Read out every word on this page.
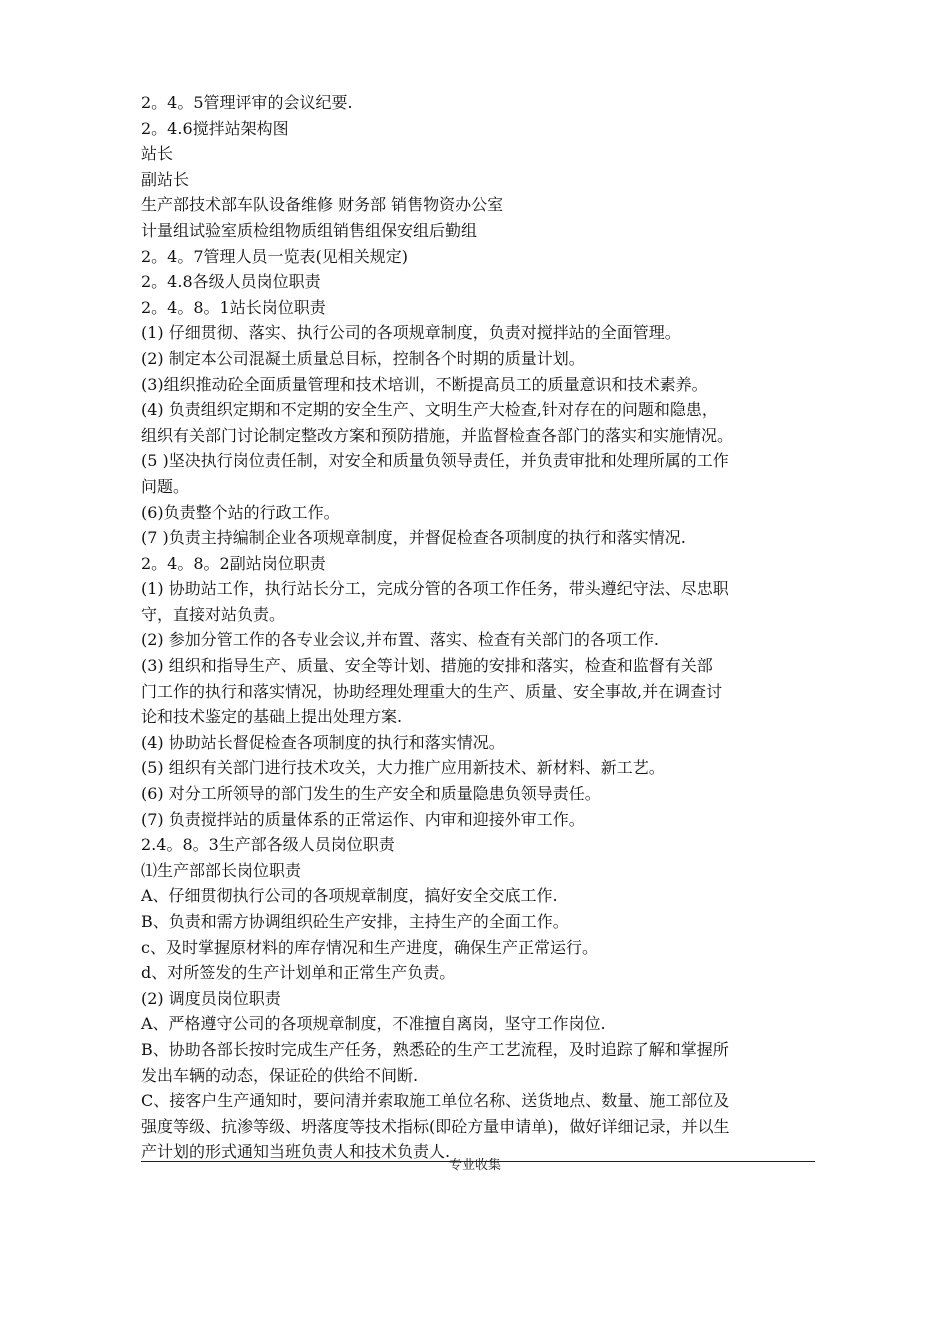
2。4。5管理评审的会议纪要.
2。4.6搅拌站架构图
站长
副站长
生产部技术部车队设备维修 财务部 销售物资办公室
计量组试验室质检组物质组销售组保安组后勤组
2。4。7管理人员一览表(见相关规定)
2。4.8各级人员岗位职责
2。4。8。1站长岗位职责
(1) 仔细贯彻、落实、执行公司的各项规章制度，负责对搅拌站的全面管理。
(2) 制定本公司混凝土质量总目标，控制各个时期的质量计划。
(3)组织推动砼全面质量管理和技术培训，不断提高员工的质量意识和技术素养。
(4) 负责组织定期和不定期的安全生产、文明生产大检查,针对存在的问题和隐患，
组织有关部门讨论制定整改方案和预防措施，并监督检查各部门的落实和实施情况。
(5 )坚决执行岗位责任制，对安全和质量负领导责任，并负责审批和处理所属的工作
问题。
(6)负责整个站的行政工作。
(7 )负责主持编制企业各项规章制度，并督促检查各项制度的执行和落实情况.
2。4。8。2副站岗位职责
(1) 协助站工作，执行站长分工，完成分管的各项工作任务，带头遵纪守法、尽忠职
守，直接对站负责。
(2) 参加分管工作的各专业会议,并布置、落实、检查有关部门的各项工作.
(3) 组织和指导生产、质量、安全等计划、措施的安排和落实，检查和监督有关部
门工作的执行和落实情况，协助经理处理重大的生产、质量、安全事故,并在调查讨
论和技术鉴定的基础上提出处理方案.
(4) 协助站长督促检查各项制度的执行和落实情况。
(5) 组织有关部门进行技术攻关，大力推广应用新技术、新材料、新工艺。
(6) 对分工所领导的部门发生的生产安全和质量隐患负领导责任。
(7) 负责搅拌站的质量体系的正常运作、内审和迎接外审工作。
2.4。8。3生产部各级人员岗位职责
⑴生产部部长岗位职责
A、仔细贯彻执行公司的各项规章制度，搞好安全交底工作.
B、负责和需方协调组织砼生产安排，主持生产的全面工作。
c、及时掌握原材料的库存情况和生产进度，确保生产正常运行。
d、对所签发的生产计划单和正常生产负责。
(2) 调度员岗位职责
A、严格遵守公司的各项规章制度，不准擅自离岗，坚守工作岗位.
B、协助各部长按时完成生产任务，熟悉砼的生产工艺流程，及时追踪了解和掌握所
发出车辆的动态，保证砼的供给不间断.
C、接客户生产通知时，要问清并索取施工单位名称、送货地点、数量、施工部位及
强度等级、抗渗等级、坍落度等技术指标(即砼方量申请单)，做好详细记录，并以生
产计划的形式通知当班负责人和技术负责人.
专业收集
